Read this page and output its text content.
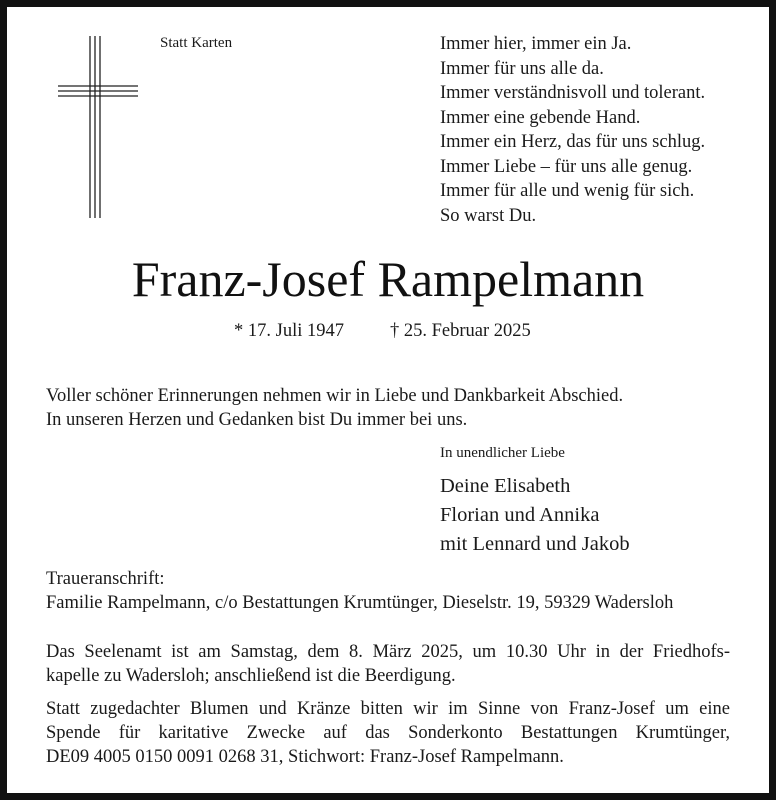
Statt Karten	Immer hier, immer ein Ja.
Immer für uns alle da.
Immer verständnisvoll und tolerant.
Immer eine gebende Hand.
Immer ein Herz, das für uns schlug.
Immer Liebe – für uns alle genug.
Immer für alle und wenig für sich.
So warst Du.
Franz-Josef Rampelmann
* 17. Juli 1947 † 25. Februar 2025
Voller schöner Erinnerungen nehmen wir in Liebe und Dankbarkeit Abschied.
In unseren Herzen und Gedanken bist Du immer bei uns.
In unendlicher Liebe
Deine Elisabeth
Florian und Annika
mit Lennard und Jakob
Traueranschrift:
Familie Rampelmann, c/o Bestattungen Krumtünger, Dieselstr. 19, 59329 Wadersloh
Das Seelenamt ist am Samstag, dem 8. März 2025, um 10.30 Uhr in der Friedhofs-
kapelle zu Wadersloh; anschließend ist die Beerdigung.
Statt zugedachter Blumen und Kränze bitten wir im Sinne von Franz-Josef um eine
Spende für karitative Zwecke auf das Sonderkonto Bestattungen Krumtünger,
DE09 4005 0150 0091 0268 31, Stichwort: Franz-Josef Rampelmann.
